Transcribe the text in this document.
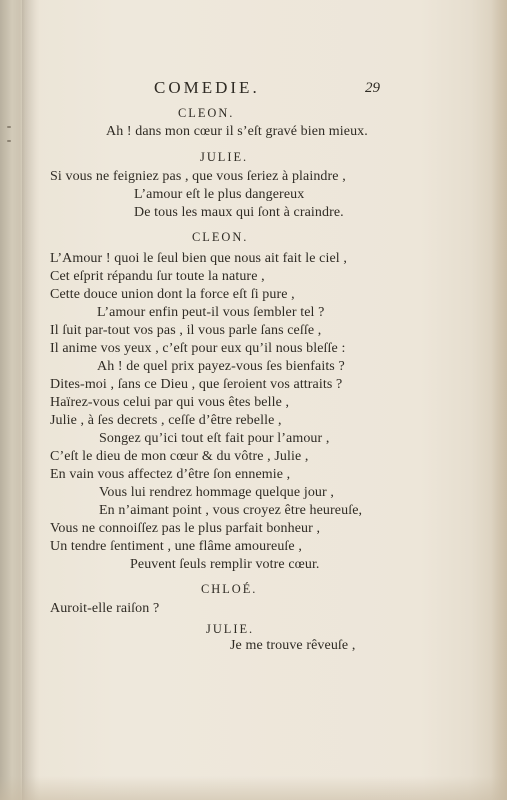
COMEDIE.	29
CLEON.
Ah ! dans mon cœur il s’eſt gravé bien mieux.
JULIE.
Si vous ne feigniez pas , que vous ſeriez à plaindre ,
L’amour eſt le plus dangereux
De tous les maux qui ſont à craindre.
CLEON.
L’Amour ! quoi le ſeul bien que nous ait fait le ciel ,
Cet eſprit répandu ſur toute la nature ,
Cette douce union dont la force eſt ſi pure ,
L’amour enfin peut-il vous ſembler tel ?
Il ſuit par-tout vos pas , il vous parle ſans ceſſe ,
Il anime vos yeux , c’eſt pour eux qu’il nous bleſſe :
Ah ! de quel prix payez-vous ſes bienfaits ?
Dites-moi , ſans ce Dieu , que ſeroient vos attraits ?
Haïrez-vous celui par qui vous êtes belle ,
Julie , à ſes decrets , ceſſe d’être rebelle ,
Songez qu’ici tout eſt fait pour l’amour ,
C’eſt le dieu de mon cœur & du vôtre , Julie ,
En vain vous affectez d’être ſon ennemie ,
Vous lui rendrez hommage quelque jour ,
En n’aimant point , vous croyez être heureuſe,
Vous ne connoiſſez pas le plus parfait bonheur ,
Un tendre ſentiment , une flâme amoureuſe ,
Peuvent ſeuls remplir votre cœur.
CHLOÉ.
Auroit-elle raiſon ?
JULIE.
Je me trouve rêveuſe ,
